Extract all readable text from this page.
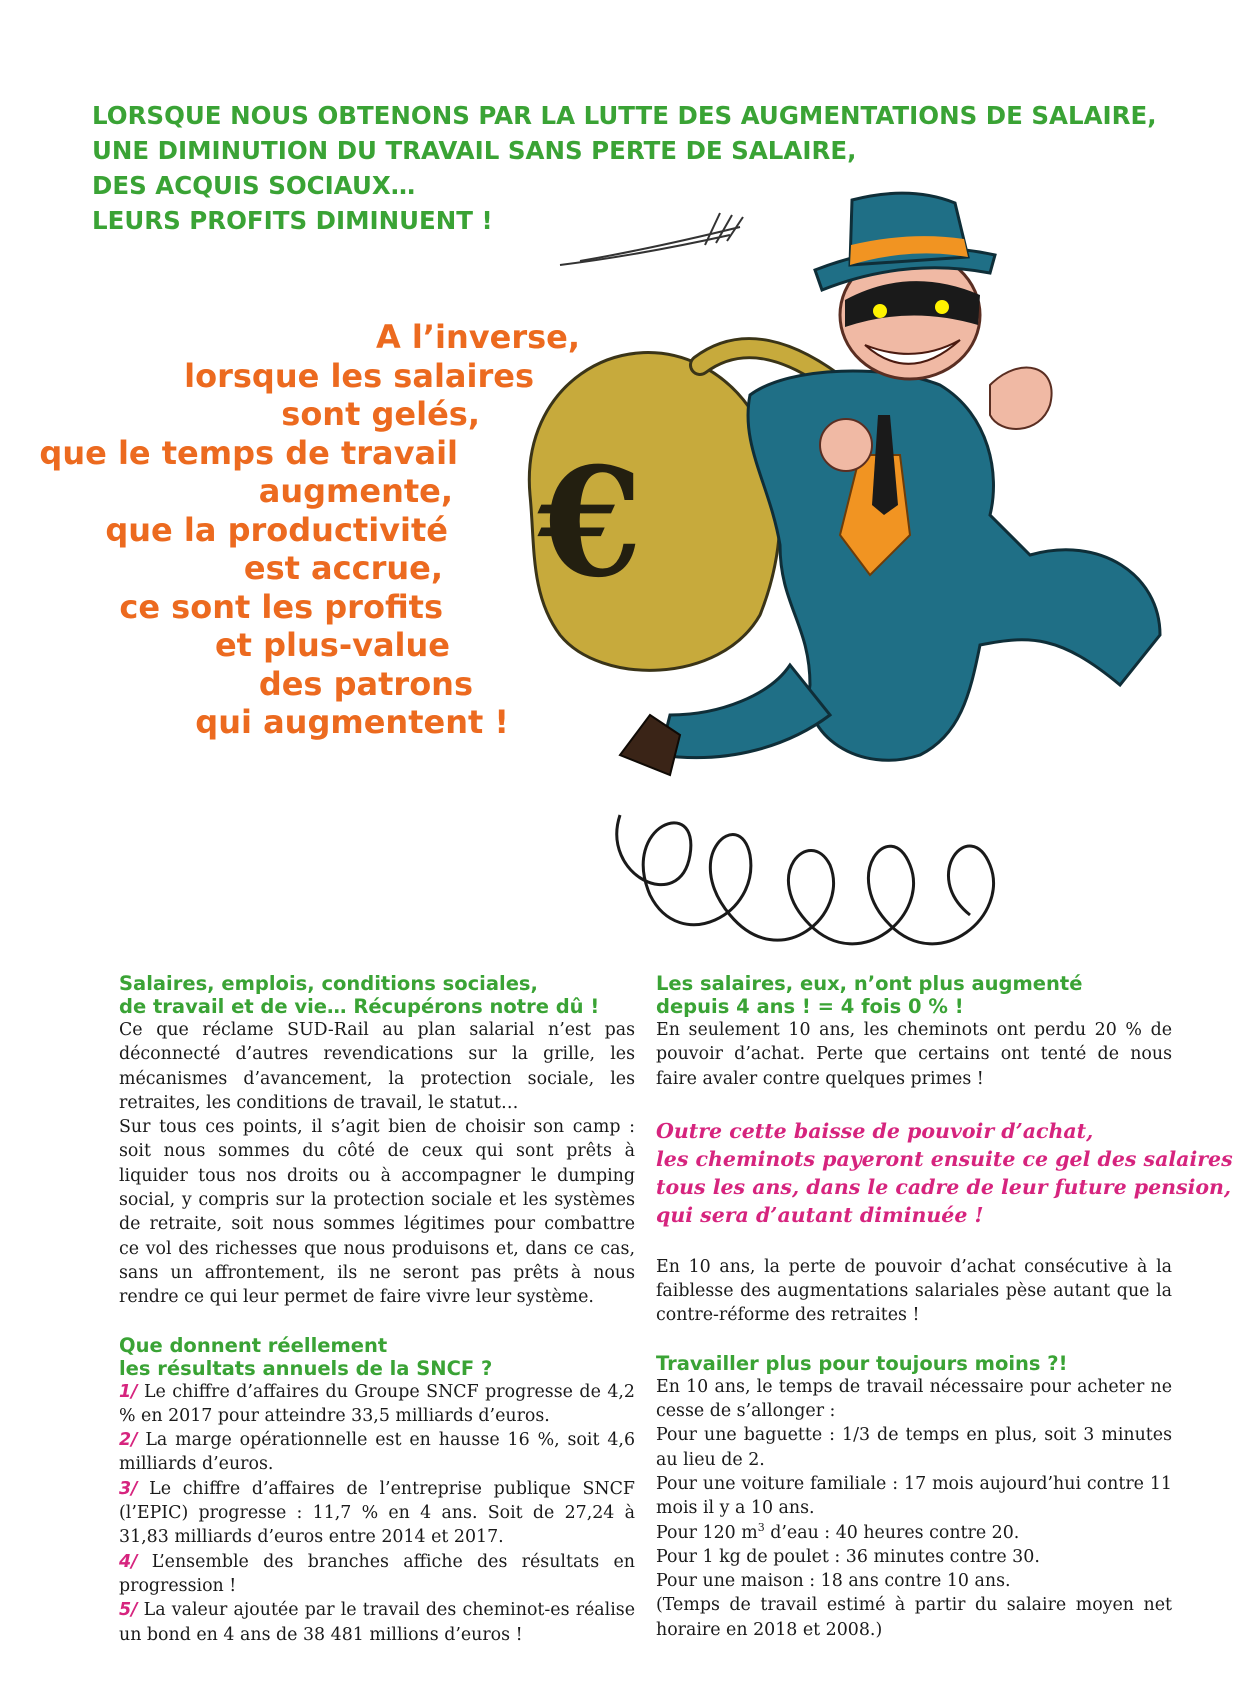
LORSQUE NOUS OBTENONS PAR LA LUTTE DES AUGMENTATIONS DE SALAIRE,
UNE DIMINUTION DU TRAVAIL SANS PERTE DE SALAIRE,
DES ACQUIS SOCIAUX…
LEURS PROFITS DIMINUENT !
A l’inverse,
lorsque les salaires
sont gelés,
que le temps de travail
augmente,
que la productivité
est accrue,
ce sont les profits
et plus-value
des patrons
qui augmentent !
€
Salaires, emplois, conditions sociales,
de travail et de vie… Récupérons notre dû !

Ce que réclame SUD-Rail au plan salarial n’est pas déconnecté d’autres revendications sur la grille, les mécanismes d’avancement, la protection sociale, les retraites, les conditions de travail, le statut…

Sur tous ces points, il s’agit bien de choisir son camp : soit nous sommes du côté de ceux qui sont prêts à liquider tous nos droits ou à accompagner le dumping social, y compris sur la protection sociale et les systèmes de retraite, soit nous sommes légitimes pour combattre ce vol des richesses que nous produisons et, dans ce cas, sans un affrontement, ils ne seront pas prêts à nous rendre ce qui leur permet de faire vivre leur système.

Que donnent réellement
les résultats annuels de la SNCF ?

1/ Le chiffre d’affaires du Groupe SNCF progresse de 4,2 % en 2017 pour atteindre 33,5 milliards d’euros.

2/ La marge opérationnelle est en hausse 16 %, soit 4,6 milliards d’euros.

3/ Le chiffre d’affaires de l’entreprise publique SNCF (l’EPIC) progresse : 11,7 % en 4 ans. Soit de 27,24 à 31,83 milliards d’euros entre 2014 et 2017.

4/ L’ensemble des branches affiche des résultats en progression !

5/ La valeur ajoutée par le travail des cheminot-es réalise un bond en 4 ans de 38 481 millions d’euros !

Les salaires, eux, n’ont plus augmenté
depuis 4 ans ! = 4 fois 0 % !

En seulement 10 ans, les cheminots ont perdu 20 % de pouvoir d’achat. Perte que certains ont tenté de nous faire avaler contre quelques primes !

Outre cette baisse de pouvoir d’achat,
les cheminots payeront ensuite ce gel des salaires
tous les ans, dans le cadre de leur future pension,
qui sera d’autant diminuée !

En 10 ans, la perte de pouvoir d’achat consécutive à la faiblesse des augmentations salariales pèse autant que la contre-réforme des retraites !

Travailler plus pour toujours moins ?!

En 10 ans, le temps de travail nécessaire pour acheter ne cesse de s’allonger :

Pour une baguette : 1/3 de temps en plus, soit 3 minutes au lieu de 2.

Pour une voiture familiale : 17 mois aujourd’hui contre 11 mois il y a 10 ans.

Pour 120 $m^3$ d’eau : 40 heures contre 20.

Pour 1 kg de poulet : 36 minutes contre 30.

Pour une maison : 18 ans contre 10 ans.

(Temps de travail estimé à partir du salaire moyen net horaire en 2018 et 2008.)
